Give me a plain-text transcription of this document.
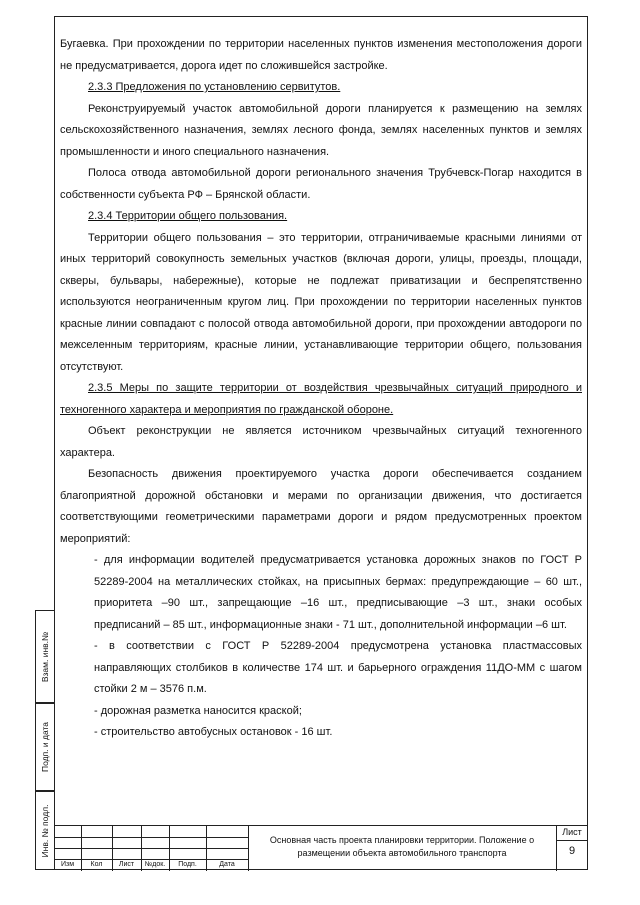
Бугаевка. При прохождении по территории населенных пунктов изменения местоположения дороги не предусматривается, дорога идет по сложившейся застройке.

2.3.3 Предложения по установлению сервитутов.

Реконструируемый участок автомобильной дороги планируется к размещению на землях сельскохозяйственного назначения, землях лесного фонда, землях населенных пунктов и землях промышленности и иного специального назначения.

Полоса отвода автомобильной дороги регионального значения Трубчевск-Погар находится в собственности субъекта РФ – Брянской области.

2.3.4 Территории общего пользования.

Территории общего пользования – это территории, отграничиваемые красными линиями от иных территорий совокупность земельных участков (включая дороги, улицы, проезды, площади, скверы, бульвары, набережные), которые не подлежат приватизации и беспрепятственно используются неограниченным кругом лиц. При прохождении по территории населенных пунктов красные линии совпадают с полосой отвода автомобильной дороги, при прохождении автодороги по межселенным территориям, красные линии, устанавливающие территории общего, пользования отсутствуют.

2.3.5 Меры по защите территории от воздействия чрезвычайных ситуаций природного и техногенного характера и мероприятия по гражданской обороне.

Объект реконструкции не является источником чрезвычайных ситуаций техногенного характера.

Безопасность движения проектируемого участка дороги обеспечивается созданием благоприятной дорожной обстановки и мерами по организации движения, что достигается соответствующими геометрическими параметрами дороги и рядом предусмотренных проектом мероприятий:

- для информации водителей предусматривается установка дорожных знаков по ГОСТ Р 52289-2004 на металлических стойках, на присыпных бермах: предупреждающие – 60 шт., приоритета –90 шт., запрещающие –16 шт., предписывающие –3 шт., знаки особых предписаний – 85 шт., информационные знаки - 71 шт., дополнительной информации –6 шт.

- в соответствии с ГОСТ Р 52289-2004 предусмотрена установка пластмассовых направляющих столбиков в количестве 174 шт. и барьерного ограждения 11ДО-ММ с шагом стойки 2 м – 3576 п.м.

- дорожная разметка наносится краской;

- строительство автобусных остановок - 16 шт.

Взам. инв.№
Подп. и дата
Инв. № подл.
Изм	Кол	Лист	№док.	Подп.	Дата
Основная часть проекта планировки территории. Положение о размещении объекта автомобильного транспорта
Лист
9
